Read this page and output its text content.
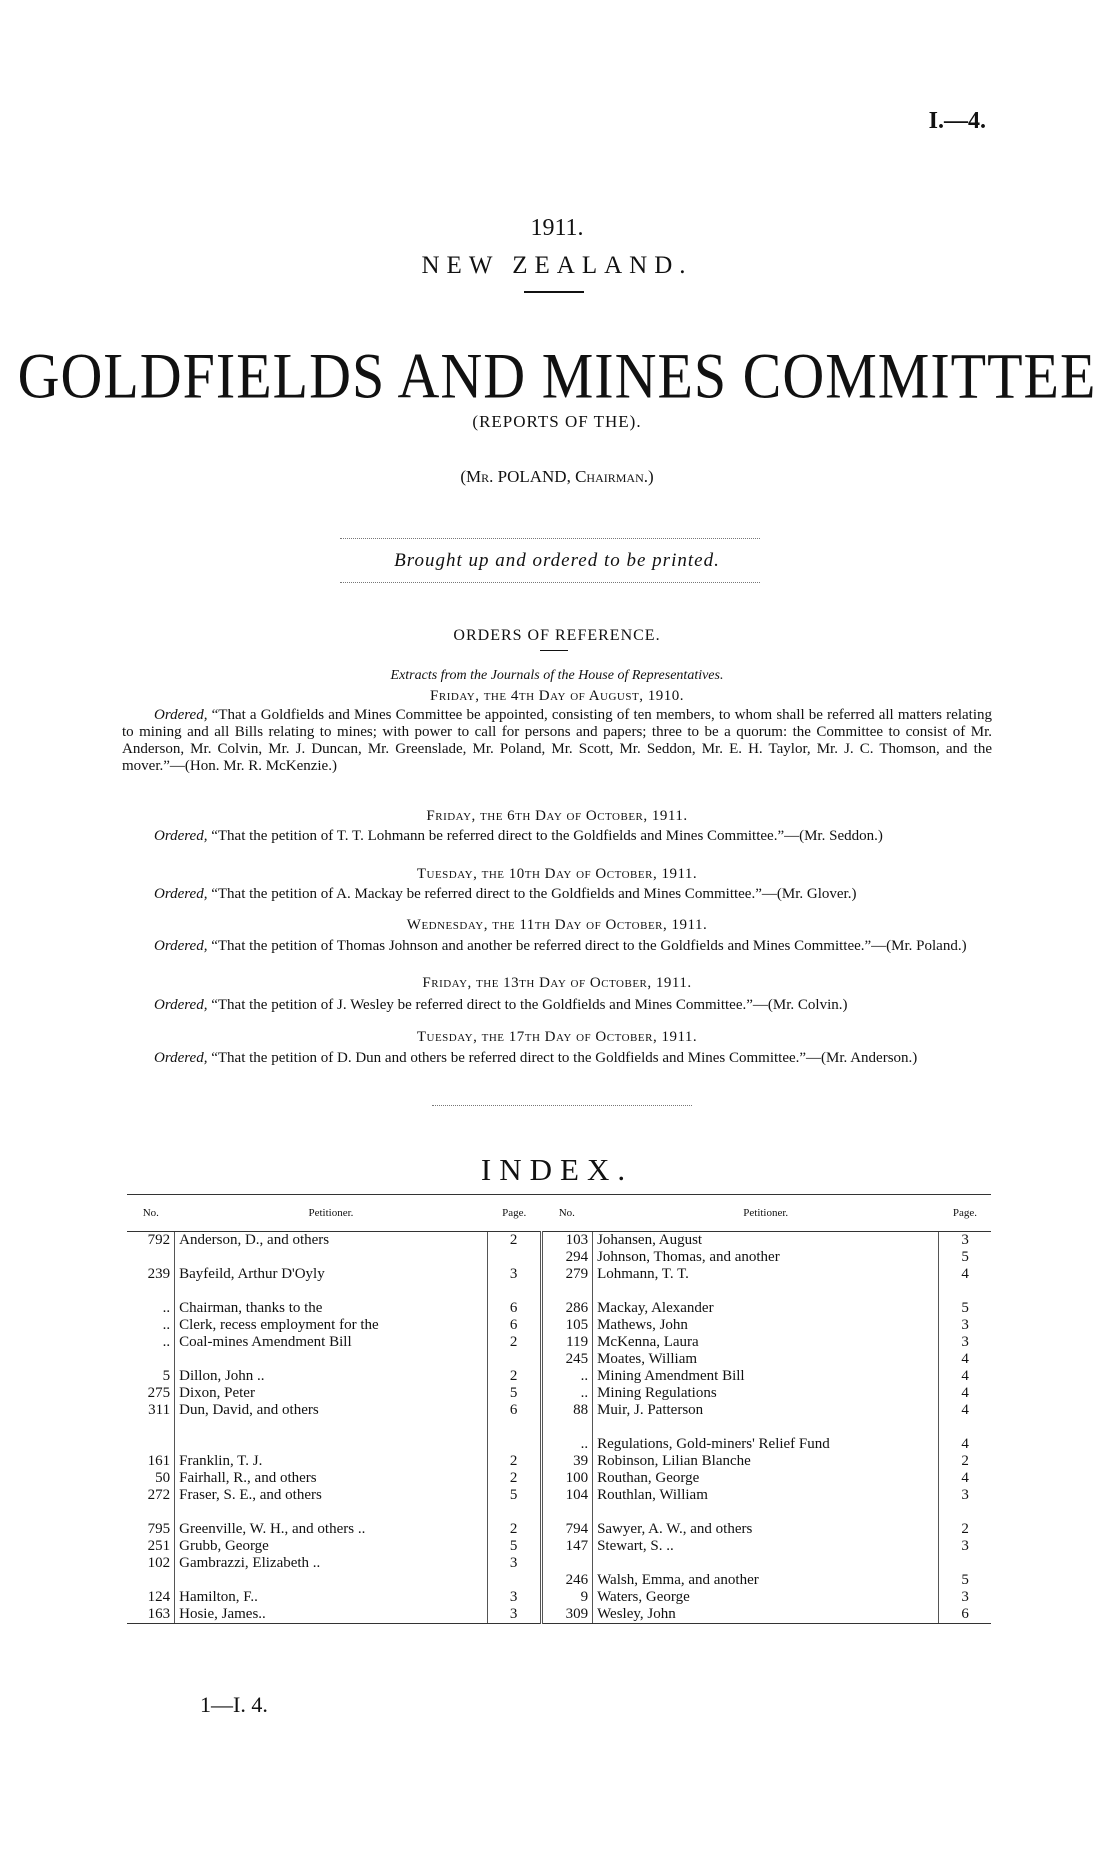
I.—4.
1911.
NEW ZEALAND.
GOLDFIELDS AND MINES COMMITTEE
(REPORTS OF THE).
(Mr. POLAND, Chairman.)
Brought up and ordered to be printed.
ORDERS OF REFERENCE.
Extracts from the Journals of the House of Representatives.
Friday, the 4th Day of August, 1910.
Ordered, “That a Goldfields and Mines Committee be appointed, consisting of ten members, to whom shall be referred all matters relating to mining and all Bills relating to mines; with power to call for persons and papers; three to be a quorum: the Committee to consist of Mr. Anderson, Mr. Colvin, Mr. J. Duncan, Mr. Greenslade, Mr. Poland, Mr. Scott, Mr. Seddon, Mr. E. H. Taylor, Mr. J. C. Thomson, and the mover.”—(Hon. Mr. R. McKenzie.)
Friday, the 6th Day of October, 1911.
Ordered, “That the petition of T. T. Lohmann be referred direct to the Goldfields and Mines Committee.”—(Mr. Seddon.)
Tuesday, the 10th Day of October, 1911.
Ordered, “That the petition of A. Mackay be referred direct to the Goldfields and Mines Committee.”—(Mr. Glover.)
Wednesday, the 11th Day of October, 1911.
Ordered, “That the petition of Thomas Johnson and another be referred direct to the Goldfields and Mines Committee.”—(Mr. Poland.)
Friday, the 13th Day of October, 1911.
Ordered, “That the petition of J. Wesley be referred direct to the Goldfields and Mines Committee.”—(Mr. Colvin.)
Tuesday, the 17th Day of October, 1911.
Ordered, “That the petition of D. Dun and others be referred direct to the Goldfields and Mines Committee.”—(Mr. Anderson.)
INDEX.
No.	Petitioner.	Page.	No.	Petitioner.	Page.
792	Anderson, D., and others	2	103	Johansen, August	3
			294	Johnson, Thomas, and another	5
239	Bayfeild, Arthur D'Oyly	3	279	Lohmann, T. T.	4

..	Chairman, thanks to the	6	286	Mackay, Alexander	5
..	Clerk, recess employment for the	6	105	Mathews, John	3
..	Coal-mines Amendment Bill	2	119	McKenna, Laura	3
			245	Moates, William	4
5	Dillon, John ..	2	..	Mining Amendment Bill	4
275	Dixon, Peter	5	..	Mining Regulations	4
311	Dun, David, and others	6	88	Muir, J. Patterson	4

			..	Regulations, Gold-miners' Relief Fund	4
161	Franklin, T. J.	2	39	Robinson, Lilian Blanche	2
50	Fairhall, R., and others	2	100	Routhan, George	4
272	Fraser, S. E., and others	5	104	Routhlan, William	3

795	Greenville, W. H., and others ..	2	794	Sawyer, A. W., and others	2
251	Grubb, George	5	147	Stewart, S. ..	3
102	Gambrazzi, Elizabeth ..	3			
			246	Walsh, Emma, and another	5
124	Hamilton, F..	3	9	Waters, George	3
163	Hosie, James..	3	309	Wesley, John	6
1—I. 4.
